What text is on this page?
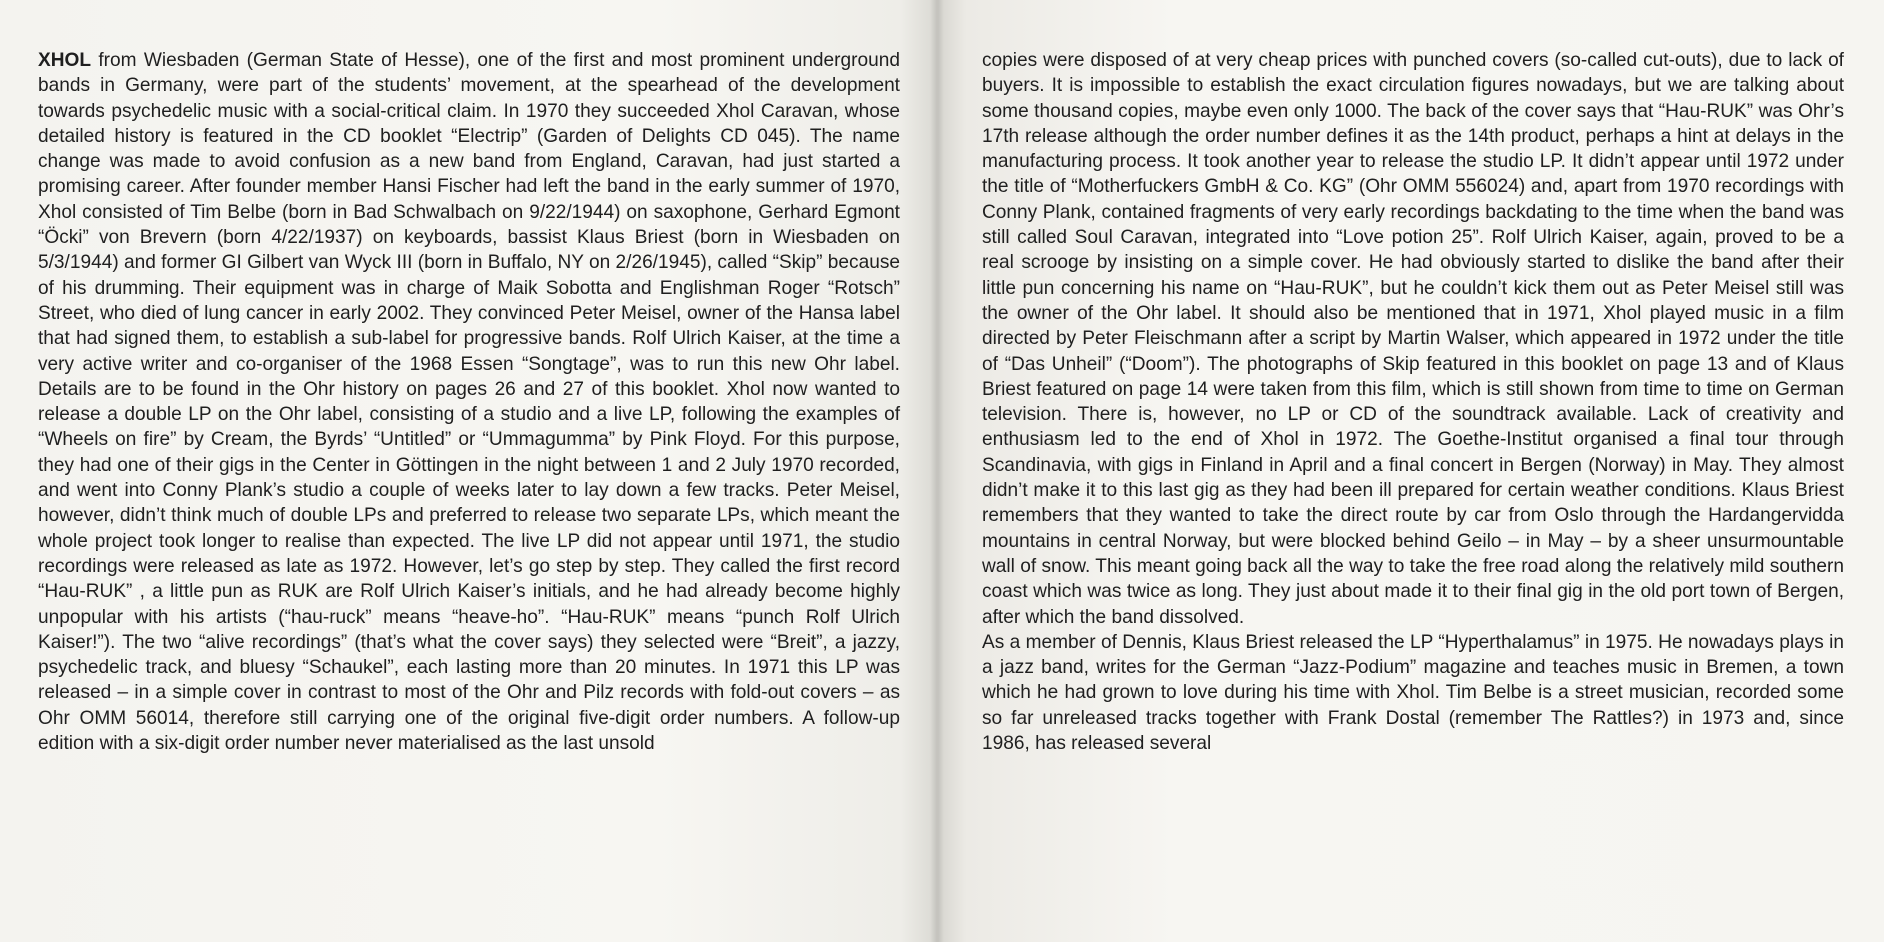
XHOL from Wiesbaden (German State of Hesse), one of the first and most prominent underground bands in Germany, were part of the students’ movement, at the spearhead of the development towards psychedelic music with a social-critical claim. In 1970 they succeeded Xhol Caravan, whose detailed history is featured in the CD booklet “Electrip” (Garden of Delights CD 045). The name change was made to avoid confusion as a new band from England, Caravan, had just started a promising career. After founder member Hansi Fischer had left the band in the early summer of 1970, Xhol consisted of Tim Belbe (born in Bad Schwalbach on 9/22/1944) on saxophone, Gerhard Egmont “Öcki” von Brevern (born 4/22/1937) on keyboards, bassist Klaus Briest (born in Wiesbaden on 5/3/1944) and former GI Gilbert van Wyck III (born in Buffalo, NY on 2/26/1945), called “Skip” because of his drumming. Their equipment was in charge of Maik Sobotta and Englishman Roger “Rotsch” Street, who died of lung cancer in early 2002. They convinced Peter Meisel, owner of the Hansa label that had signed them, to establish a sub-label for progressive bands. Rolf Ulrich Kaiser, at the time a very active writer and co-organiser of the 1968 Essen “Songtage”, was to run this new Ohr label. Details are to be found in the Ohr history on pages 26 and 27 of this booklet. Xhol now wanted to release a double LP on the Ohr label, consisting of a studio and a live LP, following the examples of “Wheels on fire” by Cream, the Byrds’ “Untitled” or “Ummagumma” by Pink Floyd. For this purpose, they had one of their gigs in the Center in Göttingen in the night between 1 and 2 July 1970 recorded, and went into Conny Plank’s studio a couple of weeks later to lay down a few tracks. Peter Meisel, however, didn’t think much of double LPs and preferred to release two separate LPs, which meant the whole project took longer to realise than expected. The live LP did not appear until 1971, the studio recordings were released as late as 1972. However, let’s go step by step. They called the first record “Hau-RUK” , a little pun as RUK are Rolf Ulrich Kaiser’s initials, and he had already become highly unpopular with his artists (“hau-ruck” means “heave-ho”. “Hau-RUK” means “punch Rolf Ulrich Kaiser!”). The two “alive recordings” (that’s what the cover says) they selected were “Breit”, a jazzy, psychedelic track, and bluesy “Schaukel”, each lasting more than 20 minutes. In 1971 this LP was released – in a simple cover in contrast to most of the Ohr and Pilz records with fold-out covers – as Ohr OMM 56014, therefore still carrying one of the original five-digit order numbers. A follow-up edition with a six-digit order number never materialised as the last unsold

copies were disposed of at very cheap prices with punched covers (so-called cut-outs), due to lack of buyers. It is impossible to establish the exact circulation figures nowadays, but we are talking about some thousand copies, maybe even only 1000. The back of the cover says that “Hau-RUK” was Ohr’s 17th release although the order number defines it as the 14th product, perhaps a hint at delays in the manufacturing process. It took another year to release the studio LP. It didn’t appear until 1972 under the title of “Motherfuckers GmbH & Co. KG” (Ohr OMM 556024) and, apart from 1970 recordings with Conny Plank, contained fragments of very early recordings backdating to the time when the band was still called Soul Caravan, integrated into “Love potion 25”. Rolf Ulrich Kaiser, again, proved to be a real scrooge by insisting on a simple cover. He had obviously started to dislike the band after their little pun concerning his name on “Hau-RUK”, but he couldn’t kick them out as Peter Meisel still was the owner of the Ohr label. It should also be mentioned that in 1971, Xhol played music in a film directed by Peter Fleischmann after a script by Martin Walser, which appeared in 1972 under the title of “Das Unheil” (“Doom”). The photographs of Skip featured in this booklet on page 13 and of Klaus Briest featured on page 14 were taken from this film, which is still shown from time to time on German television. There is, however, no LP or CD of the soundtrack available. Lack of creativity and enthusiasm led to the end of Xhol in 1972. The Goethe-Institut organised a final tour through Scandinavia, with gigs in Finland in April and a final concert in Bergen (Norway) in May. They almost didn’t make it to this last gig as they had been ill prepared for certain weather conditions. Klaus Briest remembers that they wanted to take the direct route by car from Oslo through the Hardangervidda mountains in central Norway, but were blocked behind Geilo – in May – by a sheer unsurmountable wall of snow. This meant going back all the way to take the free road along the relatively mild southern coast which was twice as long. They just about made it to their final gig in the old port town of Bergen, after which the band dissolved.
As a member of Dennis, Klaus Briest released the LP “Hyperthalamus” in 1975. He nowadays plays in a jazz band, writes for the German “Jazz-Podium” magazine and teaches music in Bremen, a town which he had grown to love during his time with Xhol. Tim Belbe is a street musician, recorded some so far unreleased tracks together with Frank Dostal (remember The Rattles?) in 1973 and, since 1986, has released several
